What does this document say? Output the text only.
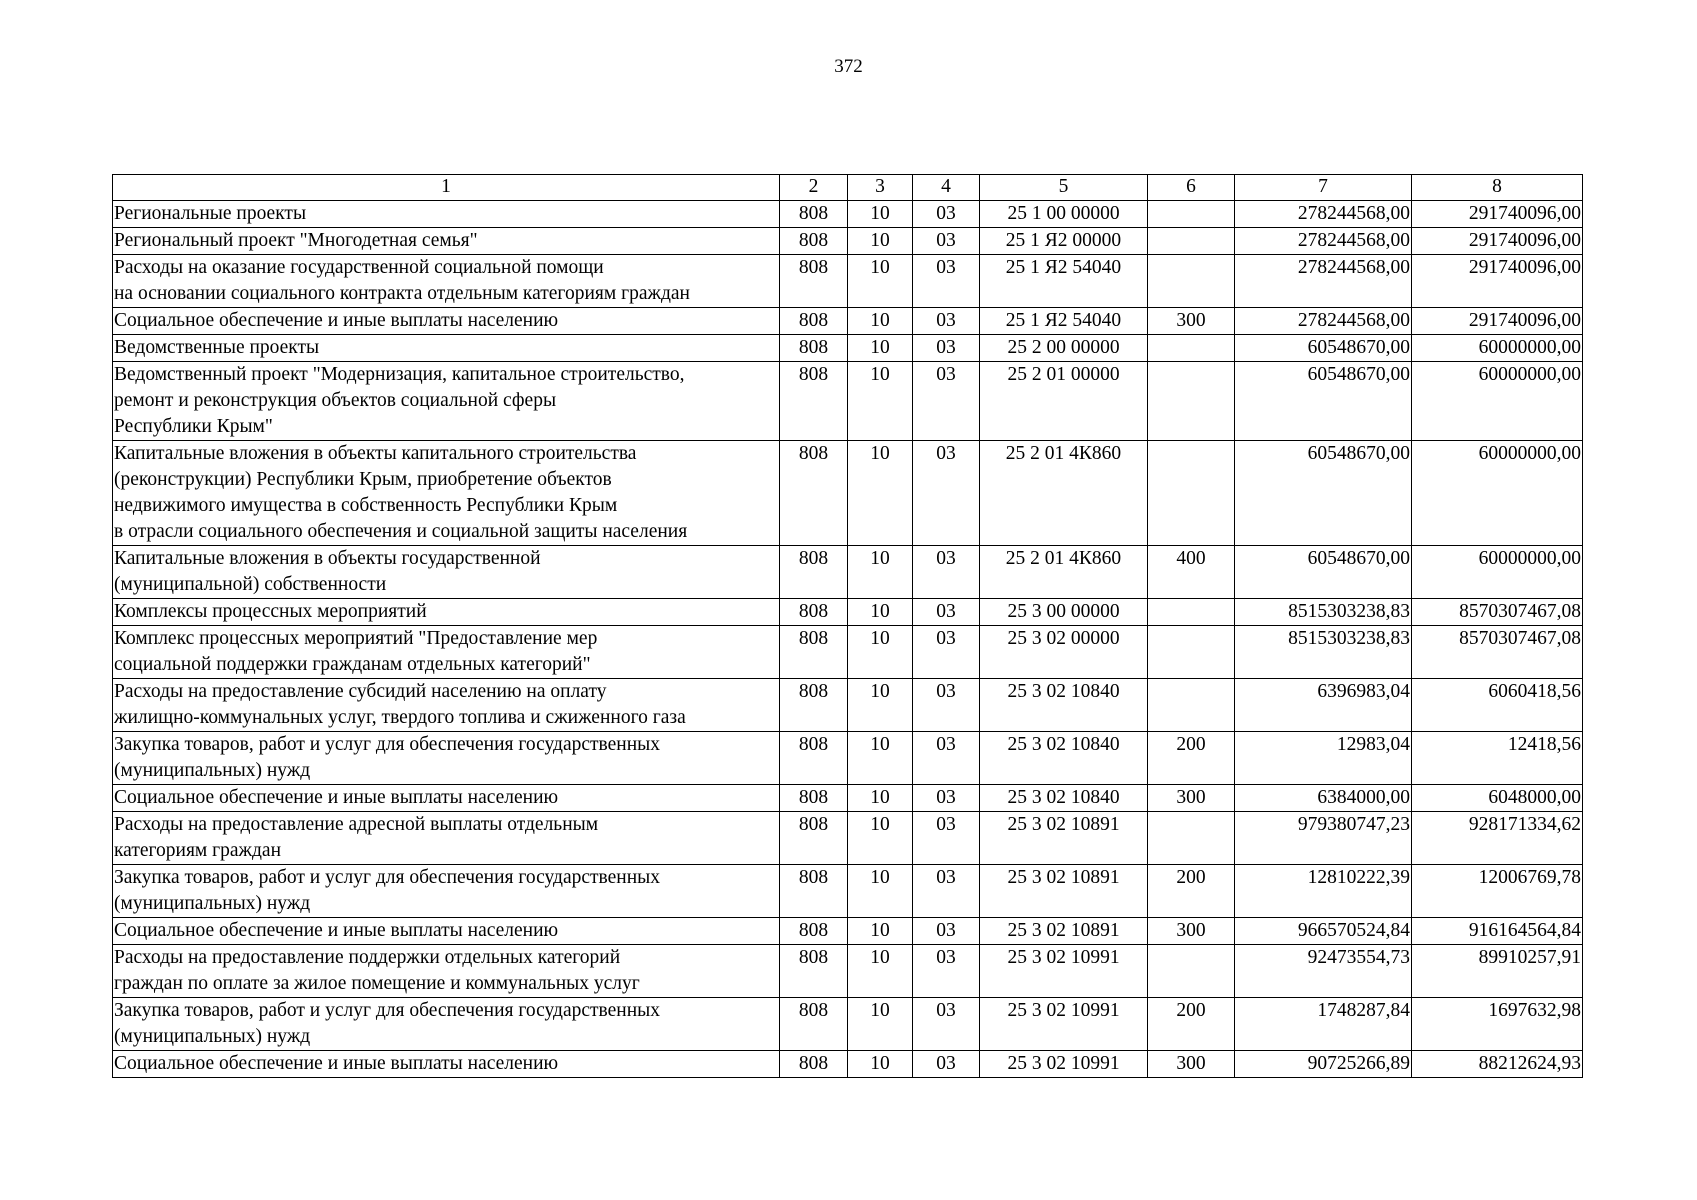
372
1	2	3	4	5	6	7	8
Региональные проекты	808	10	03	25 1 00 00000		278244568,00	291740096,00
Региональный проект "Многодетная семья"	808	10	03	25 1 Я2 00000		278244568,00	291740096,00
Расходы на оказание государственной социальной помощи
на основании социального контракта отдельным категориям граждан	808	10	03	25 1 Я2 54040		278244568,00	291740096,00
Социальное обеспечение и иные выплаты населению	808	10	03	25 1 Я2 54040	300	278244568,00	291740096,00
Ведомственные проекты	808	10	03	25 2 00 00000		60548670,00	60000000,00
Ведомственный проект "Модернизация, капитальное строительство,
ремонт и реконструкция объектов социальной сферы
Республики Крым"	808	10	03	25 2 01 00000		60548670,00	60000000,00
Капитальные вложения в объекты капитального строительства
(реконструкции) Республики Крым, приобретение объектов
недвижимого имущества в собственность Республики Крым
в отрасли социального обеспечения и социальной защиты населения	808	10	03	25 2 01 4К860		60548670,00	60000000,00
Капитальные вложения в объекты государственной
(муниципальной) собственности	808	10	03	25 2 01 4К860	400	60548670,00	60000000,00
Комплексы процессных мероприятий	808	10	03	25 3 00 00000		8515303238,83	8570307467,08
Комплекс процессных мероприятий "Предоставление мер
социальной поддержки гражданам отдельных категорий"	808	10	03	25 3 02 00000		8515303238,83	8570307467,08
Расходы на предоставление субсидий населению на оплату
жилищно-коммунальных услуг, твердого топлива и сжиженного газа	808	10	03	25 3 02 10840		6396983,04	6060418,56
Закупка товаров, работ и услуг для обеспечения государственных
(муниципальных) нужд	808	10	03	25 3 02 10840	200	12983,04	12418,56
Социальное обеспечение и иные выплаты населению	808	10	03	25 3 02 10840	300	6384000,00	6048000,00
Расходы на предоставление адресной выплаты отдельным
категориям граждан	808	10	03	25 3 02 10891		979380747,23	928171334,62
Закупка товаров, работ и услуг для обеспечения государственных
(муниципальных) нужд	808	10	03	25 3 02 10891	200	12810222,39	12006769,78
Социальное обеспечение и иные выплаты населению	808	10	03	25 3 02 10891	300	966570524,84	916164564,84
Расходы на предоставление поддержки отдельных категорий
граждан по оплате за жилое помещение и коммунальных услуг	808	10	03	25 3 02 10991		92473554,73	89910257,91
Закупка товаров, работ и услуг для обеспечения государственных
(муниципальных) нужд	808	10	03	25 3 02 10991	200	1748287,84	1697632,98
Социальное обеспечение и иные выплаты населению	808	10	03	25 3 02 10991	300	90725266,89	88212624,93
